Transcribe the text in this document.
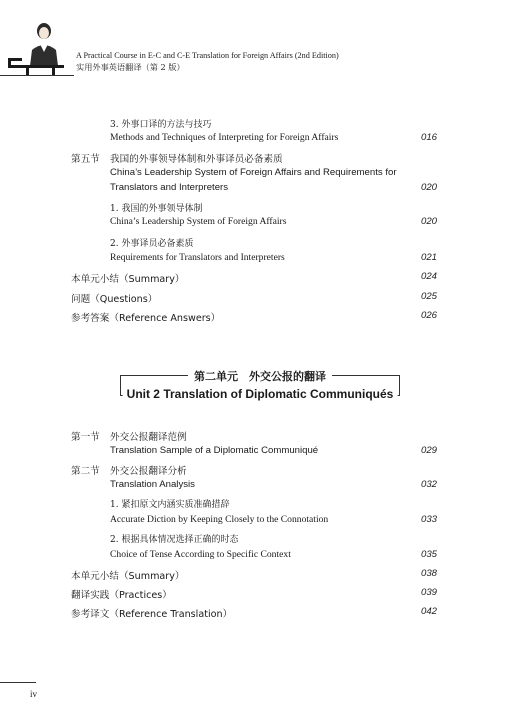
A Practical Course in E-C and C-E Translation for Foreign Affairs (2nd Edition)
实用外事英语翻译（第 2 版）
3. 外事口译的方法与技巧
Methods and Techniques of Interpreting for Foreign Affairs	016
第五节 我国的外事领导体制和外事译员必备素质
China’s Leadership System of Foreign Affairs and Requirements for
Translators and Interpreters	020
1. 我国的外事领导体制
China’s Leadership System of Foreign Affairs	020
2. 外事译员必备素质
Requirements for Translators and Interpreters	021
本单元小结（Summary）	024
问题（Questions）	025
参考答案（Reference Answers）	026
第二单元　外交公报的翻译
Unit 2 Translation of Diplomatic Communiqués
第一节 外交公报翻译范例
Translation Sample of a Diplomatic Communiqué	029
第二节 外交公报翻译分析
Translation Analysis	032
1. 紧扣原文内涵实质准确措辞
Accurate Diction by Keeping Closely to the Connotation	033
2. 根据具体情况选择正确的时态
Choice of Tense According to Specific Context	035
本单元小结（Summary）	038
翻译实践（Practices）	039
参考译文（Reference Translation）	042
iv
